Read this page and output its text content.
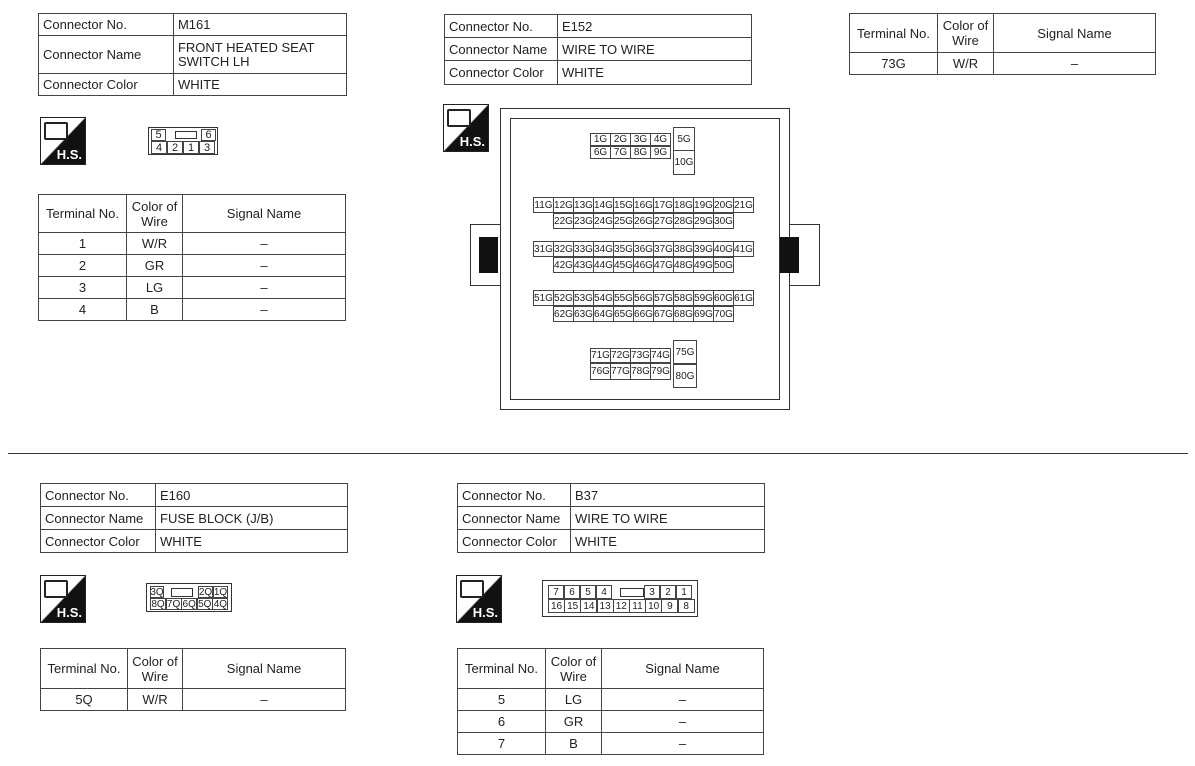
Connector No.	M161
Connector Name	FRONT HEATED SEAT SWITCH LH
Connector Color	WHITE
H.S.
5	6
4 2 1 3
Terminal No.	Color of Wire	Signal Name
1	W/R	–
2	GR	–
3	LG	–
4	B	–
Connector No.	E152
Connector Name	WIRE TO WIRE
Connector Color	WHITE
H.S.
Terminal No.	Color of Wire	Signal Name
73G	W/R	–
Connector No.	E160
Connector Name	FUSE BLOCK (J/B)
Connector Color	WHITE
H.S.
3Q	2Q 1Q
8Q 7Q 6Q 5Q 4Q
Terminal No.	Color of Wire	Signal Name
5Q	W/R	–
Connector No.	B37
Connector Name	WIRE TO WIRE
Connector Color	WHITE
H.S.
7	6	5	4	3	2	1
16 15 14 13 12 11 10 9	8
Terminal No.	Color of Wire	Signal Name
5	LG	–
6	GR	–
7	B	–
1G 2G 3G 4G
6G 7G 8G 9G
5G
10G
11G 12G 13G 14G 15G 16G 17G 18G 19G 20G 21G
22G 23G 24G 25G 26G 27G 28G 29G 30G
31G 32G 33G 34G 35G 36G 37G 38G 39G 40G 41G
42G 43G 44G 45G 46G 47G 48G 49G 50G
51G 52G 53G 54G 55G 56G 57G 58G 59G 60G 61G
62G 63G 64G 65G 66G 67G 68G 69G 70G
71G 72G 73G 74G
76G 77G 78G 79G
75G
80G
